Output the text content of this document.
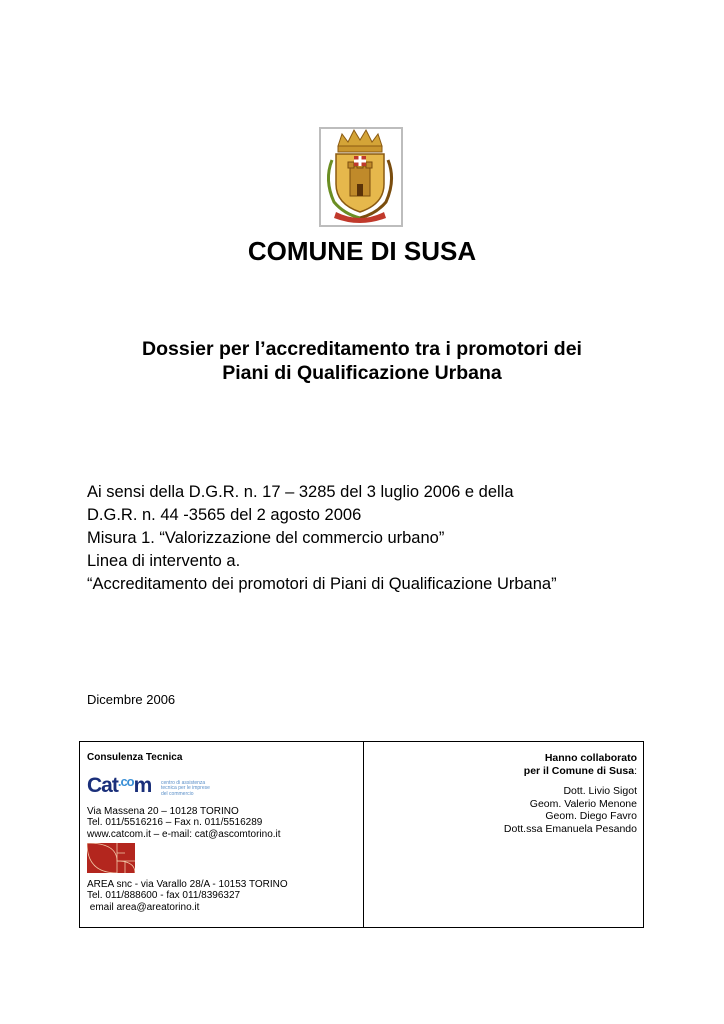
COMUNE DI SUSA
Dossier per l’accreditamento tra i promotori dei
Piani di Qualificazione Urbana
Ai sensi della D.G.R. n. 17 – 3285 del 3 luglio 2006 e della
D.G.R. n. 44 -3565 del 2 agosto 2006
Misura 1. “Valorizzazione del commercio urbano”
Linea di intervento a.
“Accreditamento dei promotori di Piani di Qualificazione Urbana”
Dicembre 2006
Consulenza Tecnica
Cat$^{.co}$m centro di assistenza
tecnica per le imprese
del commercio
Via Massena 20 – 10128 TORINO
Tel. 011/5516216 – Fax n. 011/5516289
www.catcom.it – e-mail: cat@ascomtorino.it
AREA snc - via Varallo 28/A - 10153 TORINO
Tel. 011/888600 - fax 011/8396327
email area@areatorino.it
Hanno collaborato
per il Comune di Susa:
Dott. Livio Sigot
Geom. Valerio Menone
Geom. Diego Favro
Dott.ssa Emanuela Pesando
